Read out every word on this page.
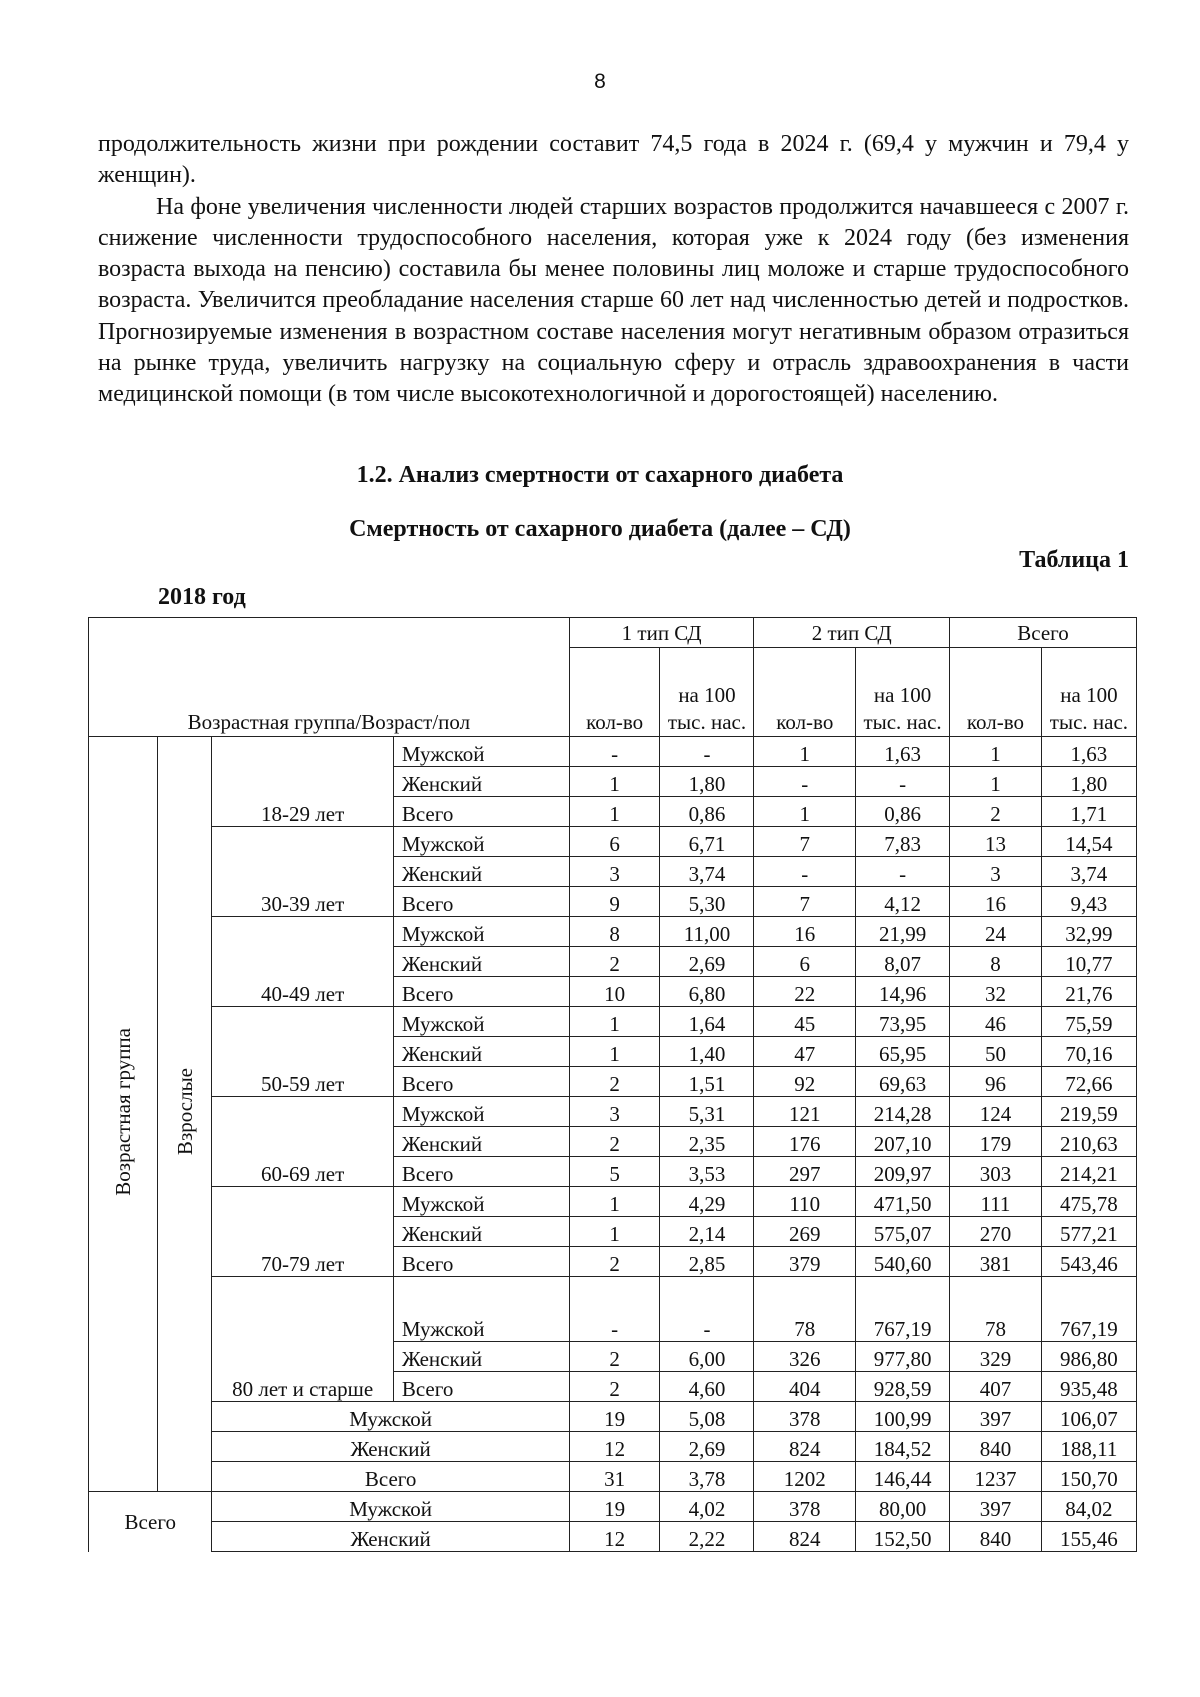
8

продолжительность жизни при рождении составит 74,5 года в 2024 г. (69,4 у мужчин и 79,4 у женщин).

На фоне увеличения численности людей старших возрастов продолжится начавшееся с 2007 г. снижение численности трудоспособного населения, которая уже к 2024 году (без изменения возраста выхода на пенсию) составила бы менее половины лиц моложе и старше трудоспособного возраста. Увеличится преобладание населения старше 60 лет над численностью детей и подростков. Прогнозируемые изменения в возрастном составе населения могут негативным образом отразиться на рынке труда, увеличить нагрузку на социальную сферу и отрасль здравоохранения в части медицинской помощи (в том числе высокотехнологичной и дорогостоящей) населению.

1.2. Анализ смертности от сахарного диабета
Смертность от сахарного диабета (далее – СД)
Таблица 1
2018 год
Возрастная группа/Возраст/пол				1 тип СД		2 тип СД		Всего	
				кол-во	на 100 тыс. нас.	кол-во	на 100 тыс. нас.	кол-во	на 100 тыс. нас.
Возрастная группа	Взрослые	18-29 лет	Мужской	-	-	1	1,63	1	1,63
			Женский	1	1,80	-	-	1	1,80
			Всего	1	0,86	1	0,86	2	1,71
		30-39 лет	Мужской	6	6,71	7	7,83	13	14,54
			Женский	3	3,74	-	-	3	3,74
			Всего	9	5,30	7	4,12	16	9,43
		40-49 лет	Мужской	8	11,00	16	21,99	24	32,99
			Женский	2	2,69	6	8,07	8	10,77
			Всего	10	6,80	22	14,96	32	21,76
		50-59 лет	Мужской	1	1,64	45	73,95	46	75,59
			Женский	1	1,40	47	65,95	50	70,16
			Всего	2	1,51	92	69,63	96	72,66
		60-69 лет	Мужской	3	5,31	121	214,28	124	219,59
			Женский	2	2,35	176	207,10	179	210,63
			Всего	5	3,53	297	209,97	303	214,21
		70-79 лет	Мужской	1	4,29	110	471,50	111	475,78
			Женский	1	2,14	269	575,07	270	577,21
			Всего	2	2,85	379	540,60	381	543,46
		80 лет и старше	Мужской	-	-	78	767,19	78	767,19
			Женский	2	6,00	326	977,80	329	986,80
			Всего	2	4,60	404	928,59	407	935,48
		Мужской		19	5,08	378	100,99	397	106,07
		Женский		12	2,69	824	184,52	840	188,11
		Всего		31	3,78	1202	146,44	1237	150,70
Всего		Мужской		19	4,02	378	80,00	397	84,02
		Женский		12	2,22	824	152,50	840	155,46
